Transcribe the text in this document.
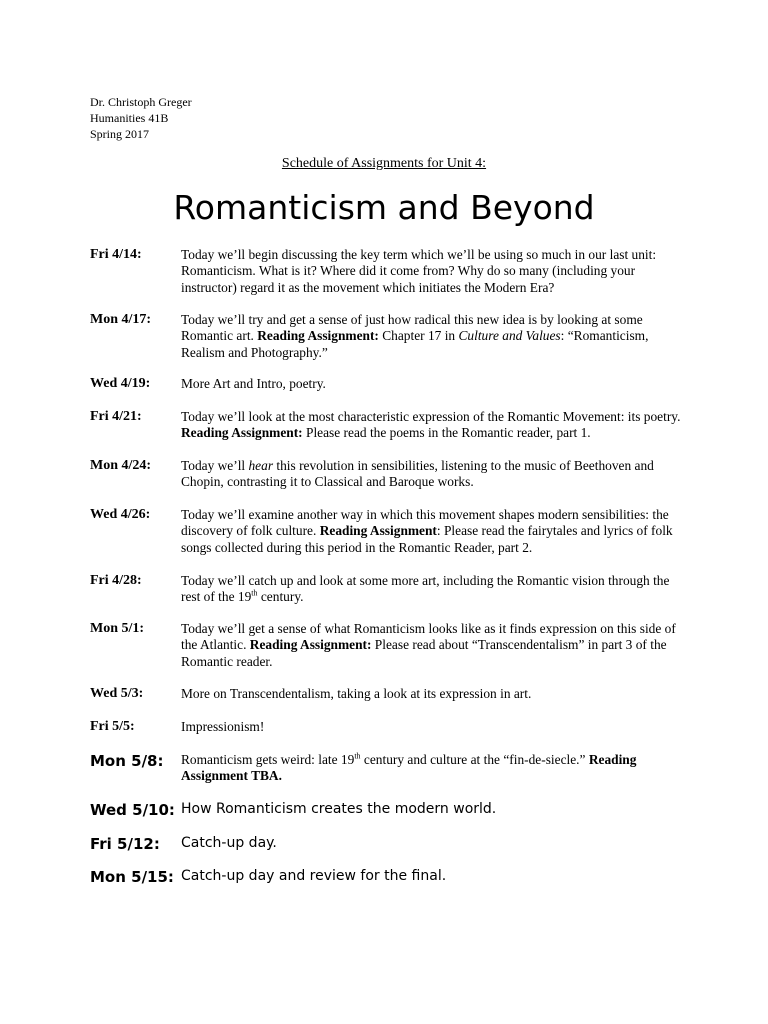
Dr. Christoph Greger
Humanities 41B
Spring 2017
Schedule of Assignments for Unit 4:
Romanticism and Beyond
Fri 4/14:	Today we’ll begin discussing the key term which we’ll be using so much in our last unit: Romanticism. What is it? Where did it come from? Why do so many (including your instructor) regard it as the movement which initiates the Modern Era?
Mon 4/17: Today we’ll try and get a sense of just how radical this new idea is by looking at some Romantic art. Reading Assignment: Chapter 17 in Culture and Values: “Romanticism, Realism and Photography.”
Wed 4/19: More Art and Intro, poetry.
Fri 4/21:	Today we’ll look at the most characteristic expression of the Romantic Movement: its poetry. Reading Assignment: Please read the poems in the Romantic reader, part 1.
Mon 4/24: Today we’ll hear this revolution in sensibilities, listening to the music of Beethoven and Chopin, contrasting it to Classical and Baroque works.
Wed 4/26: Today we’ll examine another way in which this movement shapes modern sensibilities: the discovery of folk culture. Reading Assignment: Please read the fairytales and lyrics of folk songs collected during this period in the Romantic Reader, part 2.
Fri 4/28:	Today we’ll catch up and look at some more art, including the Romantic vision through the rest of the 19th century.
Mon 5/1:	Today we’ll get a sense of what Romanticism looks like as it finds expression on this side of the Atlantic. Reading Assignment: Please read about “Transcendentalism” in part 3 of the Romantic reader.
Wed 5/3:	More on Transcendentalism, taking a look at its expression in art.
Fri 5/5:	Impressionism!
Mon 5/8: Romanticism gets weird: late 19th century and culture at the “fin-de-siecle.” Reading Assignment TBA.
Wed 5/10: How Romanticism creates the modern world.
Fri 5/12: Catch-up day.
Mon 5/15: Catch-up day and review for the final.
